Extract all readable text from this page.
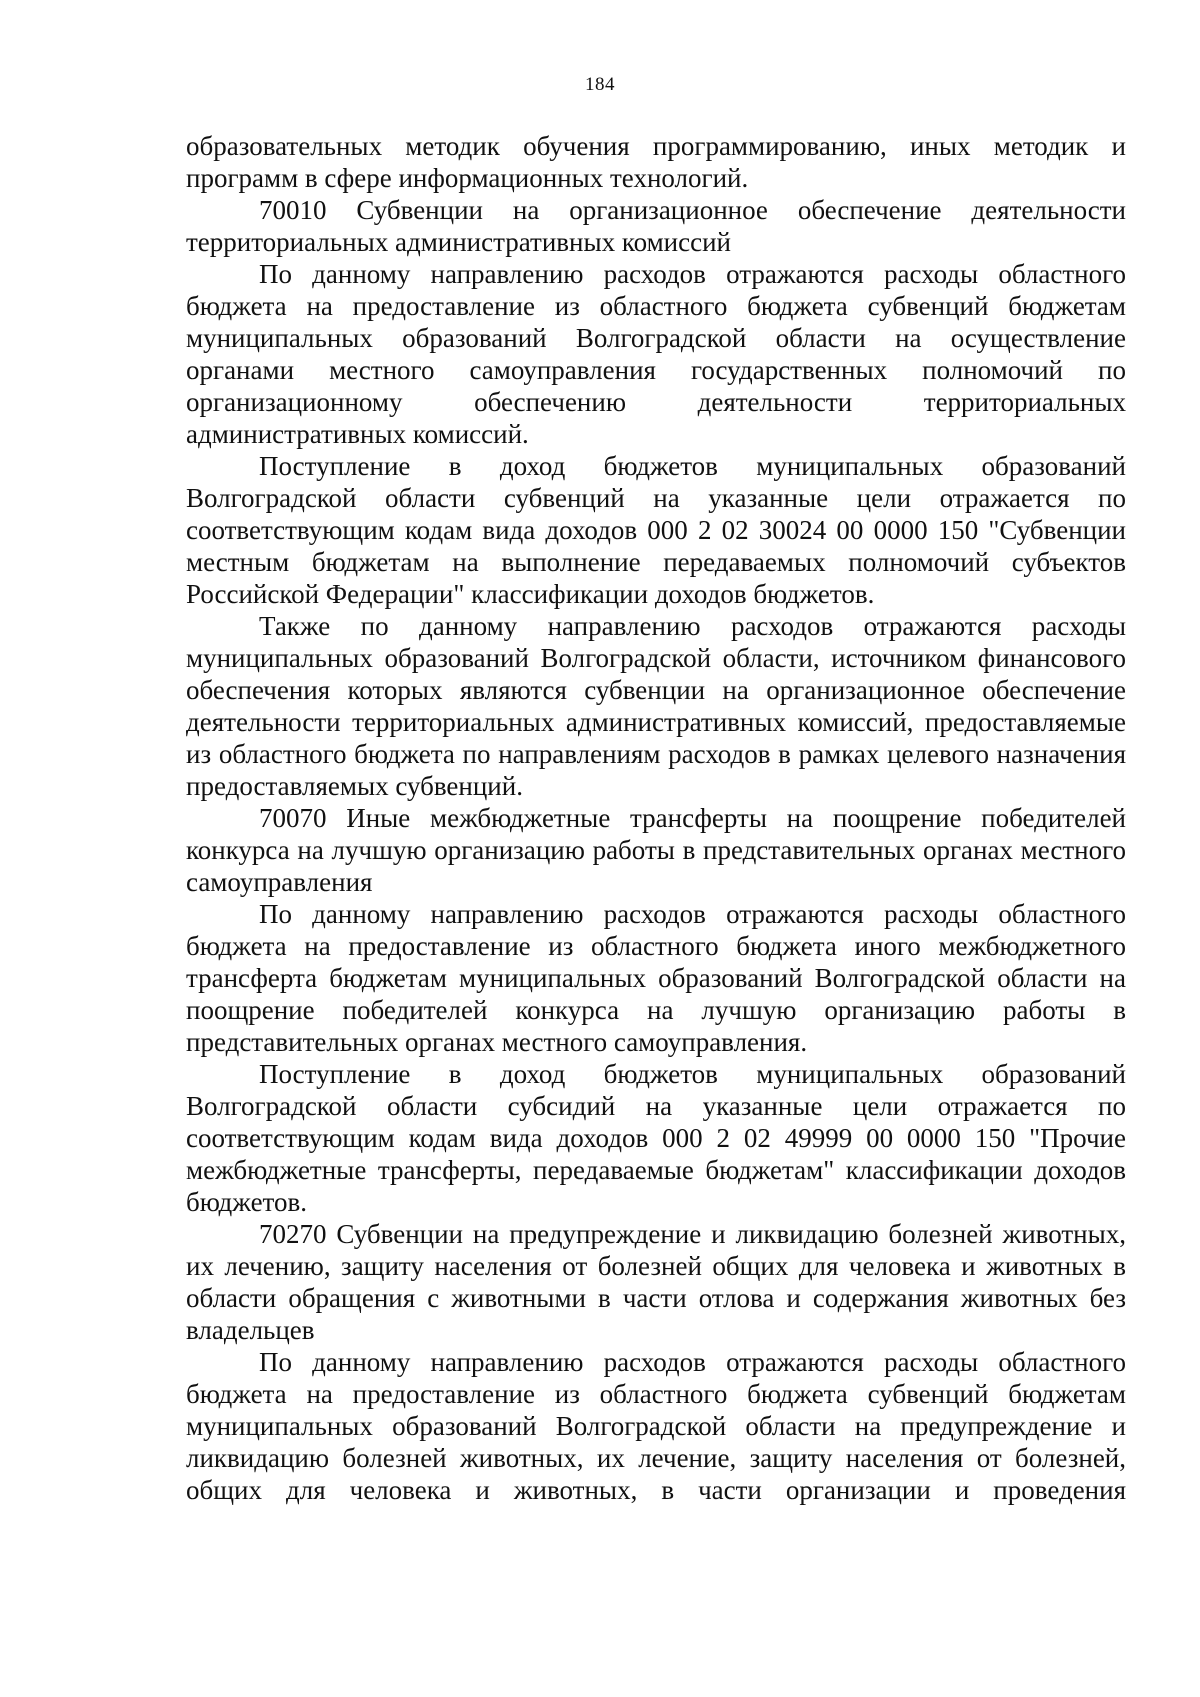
184

образовательных методик обучения программированию, иных методик и программ в сфере информационных технологий.

70010 Субвенции на организационное обеспечение деятельности территориальных административных комиссий

По данному направлению расходов отражаются расходы областного бюджета на предоставление из областного бюджета субвенций бюджетам муниципальных образований Волгоградской области на осуществление органами местного самоуправления государственных полномочий по организационному обеспечению деятельности территориальных административных комиссий.

Поступление в доход бюджетов муниципальных образований Волгоградской области субвенций на указанные цели отражается по соответствующим кодам вида доходов 000 2 02 30024 00 0000 150 "Субвенции местным бюджетам на выполнение передаваемых полномочий субъектов Российской Федерации" классификации доходов бюджетов.

Также по данному направлению расходов отражаются расходы муниципальных образований Волгоградской области, источником финансового обеспечения которых являются субвенции на организационное обеспечение деятельности территориальных административных комиссий, предоставляемые из областного бюджета по направлениям расходов в рамках целевого назначения предоставляемых субвенций.

70070 Иные межбюджетные трансферты на поощрение победителей конкурса на лучшую организацию работы в представительных органах местного самоуправления

По данному направлению расходов отражаются расходы областного бюджета на предоставление из областного бюджета иного межбюджетного трансферта бюджетам муниципальных образований Волгоградской области на поощрение победителей конкурса на лучшую организацию работы в представительных органах местного самоуправления.

Поступление в доход бюджетов муниципальных образований Волгоградской области субсидий на указанные цели отражается по соответствующим кодам вида доходов 000 2 02 49999 00 0000 150 "Прочие межбюджетные трансферты, передаваемые бюджетам" классификации доходов бюджетов.

70270 Субвенции на предупреждение и ликвидацию болезней животных, их лечению, защиту населения от болезней общих для человека и животных в области обращения с животными в части отлова и содержания животных без владельцев

По данному направлению расходов отражаются расходы областного бюджета на предоставление из областного бюджета субвенций бюджетам муниципальных образований Волгоградской области на предупреждение и ликвидацию болезней животных, их лечение, защиту населения от болезней, общих для человека и животных, в части организации и проведения
